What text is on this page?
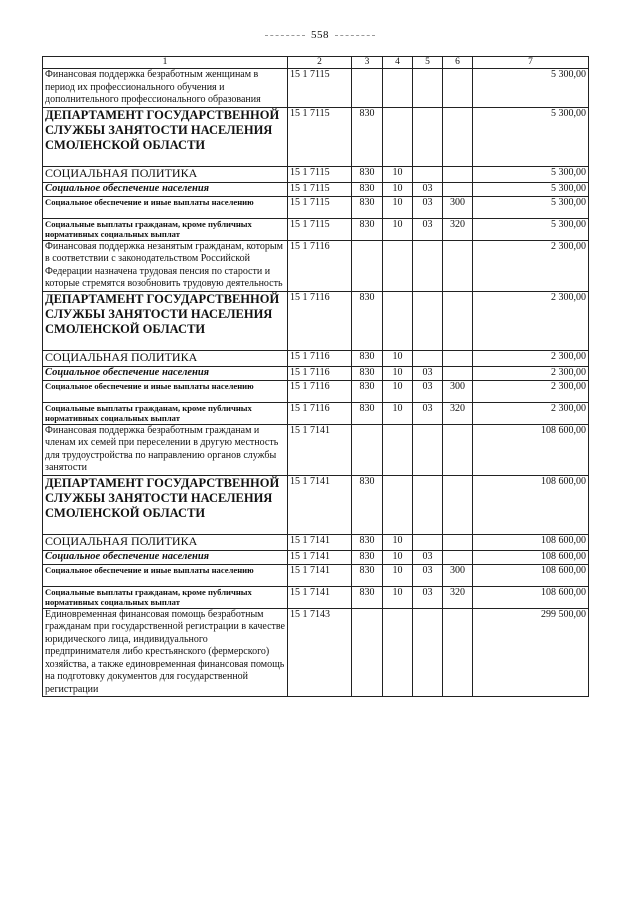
558
1	2	3	4	5	6	7
Финансовая поддержка безработным женщинам в период их профессионального обучения и дополнительного профессионального образования	15 1 7115					5 300,00
ДЕПАРТАМЕНТ ГОСУДАРСТВЕННОЙ СЛУЖБЫ ЗАНЯТОСТИ НАСЕЛЕНИЯ СМОЛЕНСКОЙ ОБЛАСТИ	15 1 7115	830				5 300,00
СОЦИАЛЬНАЯ ПОЛИТИКА	15 1 7115	830	10			5 300,00
Социальное обеспечение населения	15 1 7115	830	10	03		5 300,00
Социальное обеспечение и иные выплаты населению	15 1 7115	830	10	03	300	5 300,00
Социальные выплаты гражданам, кроме публичных нормативных социальных выплат	15 1 7115	830	10	03	320	5 300,00
Финансовая поддержка незанятым гражданам, которым в соответствии с законодательством Российской Федерации назначена трудовая пенсия по старости и которые стремятся возобновить трудовую деятельность	15 1 7116					2 300,00
ДЕПАРТАМЕНТ ГОСУДАРСТВЕННОЙ СЛУЖБЫ ЗАНЯТОСТИ НАСЕЛЕНИЯ СМОЛЕНСКОЙ ОБЛАСТИ	15 1 7116	830				2 300,00
СОЦИАЛЬНАЯ ПОЛИТИКА	15 1 7116	830	10			2 300,00
Социальное обеспечение населения	15 1 7116	830	10	03		2 300,00
Социальное обеспечение и иные выплаты населению	15 1 7116	830	10	03	300	2 300,00
Социальные выплаты гражданам, кроме публичных нормативных социальных выплат	15 1 7116	830	10	03	320	2 300,00
Финансовая поддержка безработным гражданам и членам их семей при переселении в другую местность для трудоустройства по направлению органов службы занятости	15 1 7141					108 600,00
ДЕПАРТАМЕНТ ГОСУДАРСТВЕННОЙ СЛУЖБЫ ЗАНЯТОСТИ НАСЕЛЕНИЯ СМОЛЕНСКОЙ ОБЛАСТИ	15 1 7141	830				108 600,00
СОЦИАЛЬНАЯ ПОЛИТИКА	15 1 7141	830	10			108 600,00
Социальное обеспечение населения	15 1 7141	830	10	03		108 600,00
Социальное обеспечение и иные выплаты населению	15 1 7141	830	10	03	300	108 600,00
Социальные выплаты гражданам, кроме публичных нормативных социальных выплат	15 1 7141	830	10	03	320	108 600,00
Единовременная финансовая помощь безработным гражданам при государственной регистрации в качестве юридического лица, индивидуального предпринимателя либо крестьянского (фермерского) хозяйства, а также единовременная финансовая помощь на подготовку документов для государственной регистрации	15 1 7143					299 500,00
